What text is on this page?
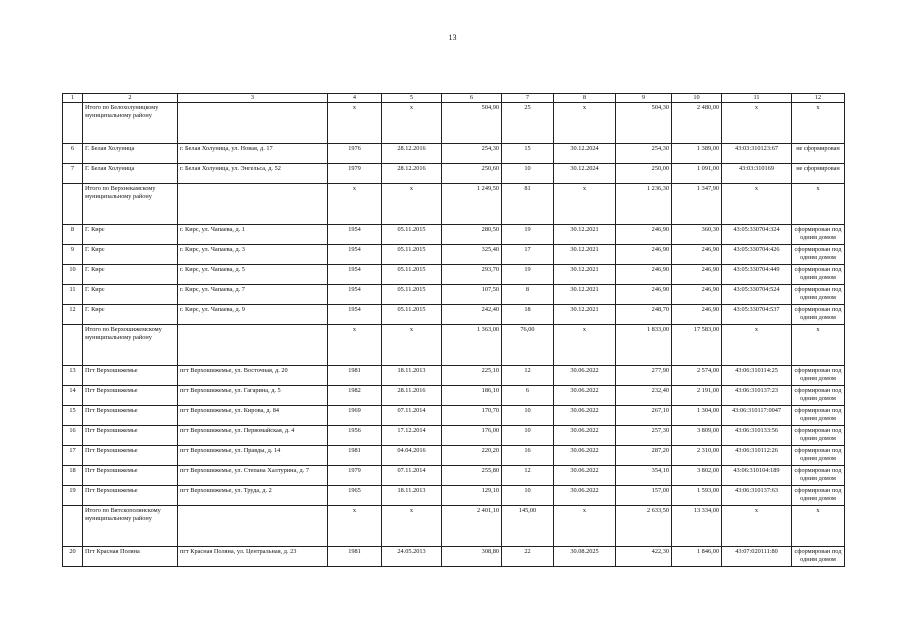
13
1	2	3	4	5	6	7	8	9	10	11	12
	Итого по Белохолуницкому муниципальному району		x	x	504,90	25	x	504,30	2 480,00	x	x
6	Г. Белая Холуница	г. Белая Холуница, ул. Новая, д. 17	1976	28.12.2016	254,30	15	30.12.2024	254,30	1 389,00	43:03:310123:67	не сформирован
7	Г. Белая Холуница	г. Белая Холуница, ул. Энгельса, д. 52	1979	28.12.2016	250,60	10	30.12.2024	250,00	1 091,00	43:03:310169	не сформирован
	Итого по Верхнекамскому муниципальному району		x	x	1 249,50	81	x	1 236,30	1 347,90	x	x
8	Г. Кирс	г. Кирс, ул. Чапаева, д. 1	1954	05.11.2015	280,50	19	30.12.2021	246,90	360,30	43:05:330704:324	сформирован под одним домом
9	Г. Кирс	г. Кирс, ул. Чапаева, д. 3	1954	05.11.2015	325,40	17	30.12.2021	246,90	246,90	43:05:330704:426	сформирован под одним домом
10	Г. Кирс	г. Кирс, ул. Чапаева, д. 5	1954	05.11.2015	293,70	19	30.12.2021	246,90	246,90	43:05:330704:449	сформирован под одним домом
11	Г. Кирс	г. Кирс, ул. Чапаева, д. 7	1954	05.11.2015	107,50	8	30.12.2021	246,90	246,90	43:05:330704:524	сформирован под одним домом
12	Г. Кирс	г. Кирс, ул. Чапаева, д. 9	1954	05.11.2015	242,40	18	30.12.2021	248,70	246,90	43:05:330704:537	сформирован под одним домом
	Итого по Верхошижемскому муниципальному району		x	x	1 363,00	76,00	x	1 833,00	17 583,00	x	x
13	Пгт Верхошижемье	пгт Верхошижемье, ул. Восточная, д. 20	1981	18.11.2013	225,10	12	30.06.2022	277,90	2 574,00	43:06:310114:25	сформирован под одним домом
14	Пгт Верхошижемье	пгт Верхошижемье, ул. Гагарина, д. 5	1982	28.11.2016	186,10	6	30.06.2022	232,40	2 191,00	43:06:310137:23	сформирован под одним домом
15	Пгт Верхошижемье	пгт Верхошижемье, ул. Кирова, д. 84	1969	07.11.2014	170,70	10	30.06.2022	267,10	1 304,00	43:06:310117:0047	сформирован под одним домом
16	Пгт Верхошижемье	пгт Верхошижемье, ул. Первомайская, д. 4	1956	17.12.2014	176,00	10	30.06.2022	257,30	3 809,00	43:06:310133:56	сформирован под одним домом
17	Пгт Верхошижемье	пгт Верхошижемье, ул. Правды, д. 14	1981	04.04.2016	220,20	16	30.06.2022	287,20	2 310,00	43:06:310112:26	сформирован под одним домом
18	Пгт Верхошижемье	пгт Верхошижемье, ул. Степана Халтурина, д. 7	1979	07.11.2014	255,80	12	30.06.2022	354,10	3 802,00	43:06:310104:189	сформирован под одним домом
19	Пгт Верхошижемье	пгт Верхошижемье, ул. Труда, д. 2	1965	18.11.2013	129,10	10	30.06.2022	157,00	1 593,00	43:06:310137:63	сформирован под одним домом
	Итого по Вятскополянскому муниципальному району		x	x	2 401,10	145,00	x	2 633,50	13 334,00	x	x
20	Пгт Красная Поляна	пгт Красная Поляна, ул. Центральная, д. 23	1981	24.05.2013	308,80	22	30.08.2025	422,30	1 846,00	43:07:020111:80	сформирован под одним домом
